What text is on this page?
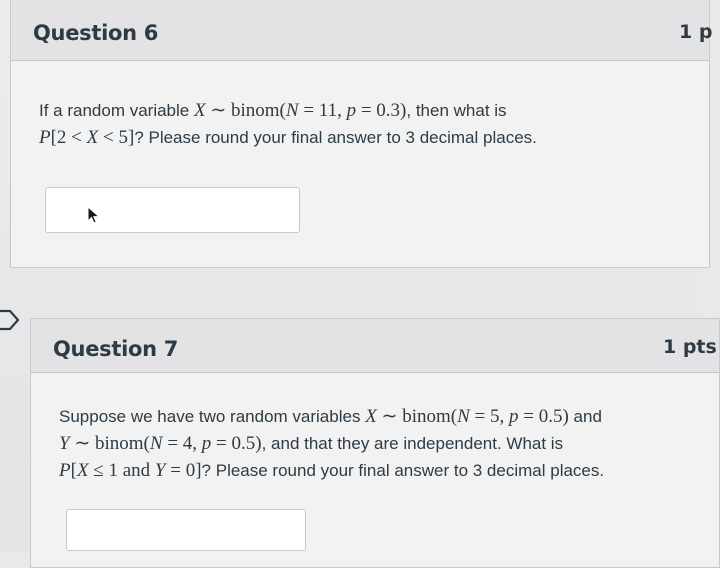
Question 6	1 p
If a random variable X ∼ binom(N = 11, p = 0.3), then what is
P[2 < X < 5]? Please round your final answer to 3 decimal places.
Question 7	1 pts
Suppose we have two random variables X ∼ binom(N = 5, p = 0.5) and
Y ∼ binom(N = 4, p = 0.5), and that they are independent. What is
P[X ≤ 1 and Y = 0]? Please round your final answer to 3 decimal places.
